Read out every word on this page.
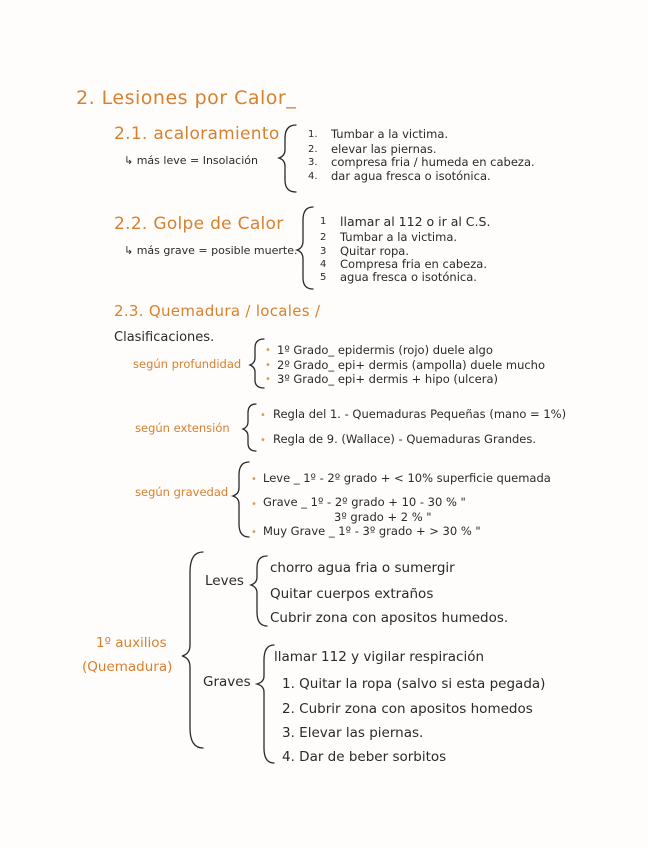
2. Lesiones por Calor_
2.1. acaloramiento
↳ más leve = Insolación
1. Tumbar a la victima.
2. elevar las piernas.
3. compresa fria / humeda en cabeza.
4. dar agua fresca o isotónica.
2.2. Golpe de Calor
↳ más grave = posible muerte.
1 llamar al 112 o ir al C.S.
2 Tumbar a la victima.
3 Quitar ropa.
4 Compresa fria en cabeza.
5 agua fresca o isotónica.
2.3. Quemadura / locales /
Clasificaciones.
según profundidad
• 1º Grado_ epidermis (rojo) duele algo
• 2º Grado_ epi+ dermis (ampolla) duele mucho
• 3º Grado_ epi+ dermis + hipo (ulcera)
según extensión
• Regla del 1. - Quemaduras Pequeñas (mano = 1%)
• Regla de 9. (Wallace) - Quemaduras Grandes.
según gravedad
• Leve _ 1º - 2º grado + < 10% superficie quemada
• Grave _ 1º - 2º grado + 10 - 30 % "
3º grado + 2 % "
• Muy Grave _ 1º - 3º grado + > 30 % "
1º auxilios
(Quemadura)
Leves
chorro agua fria o sumergir
Quitar cuerpos extraños
Cubrir zona con apositos humedos.
Graves
llamar 112 y vigilar respiración
1. Quitar la ropa (salvo si esta pegada)
2. Cubrir zona con apositos homedos
3. Elevar las piernas.
4. Dar de beber sorbitos
